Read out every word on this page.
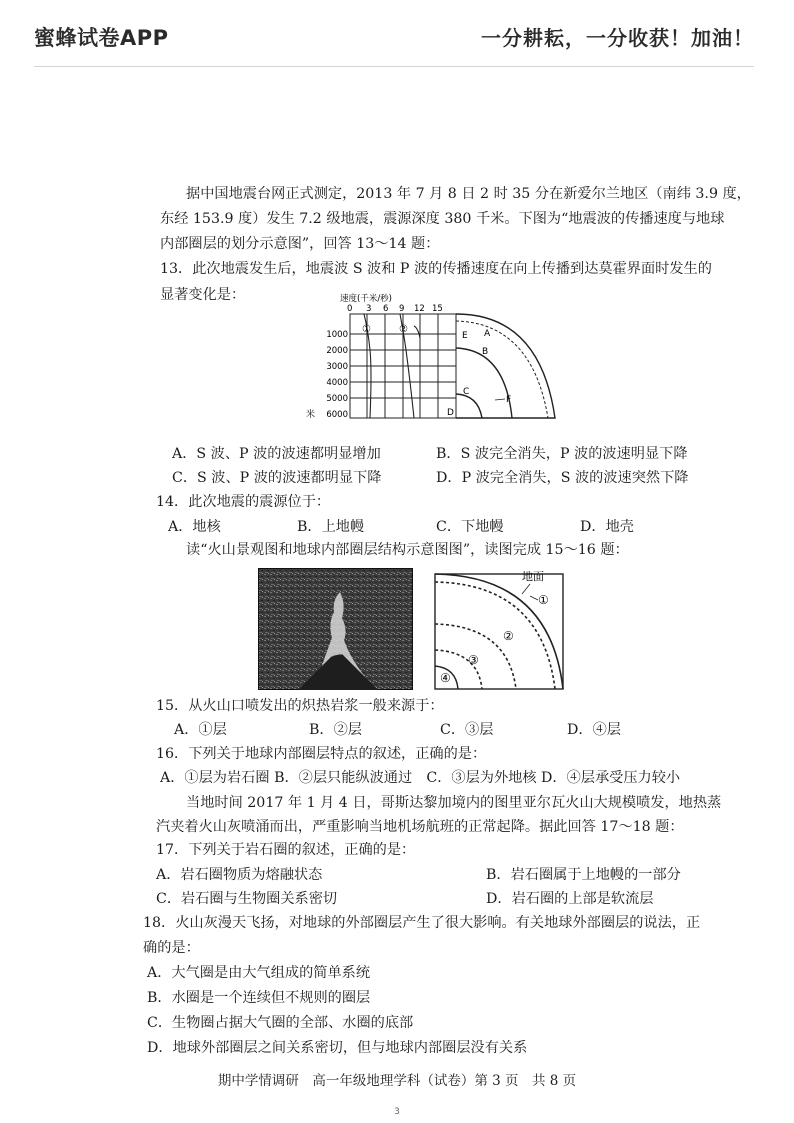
蜜蜂试卷APP	一分耕耘，一分收获！加油！
据中国地震台网正式测定，2013 年 7 月 8 日 2 时 35 分在新爱尔兰地区（南纬 3.9 度，
东经 153.9 度）发生 7.2 级地震，震源深度 380 千米。下图为“地震波的传播速度与地球
内部圈层的划分示意图”，回答 13～14 题：
13．此次地震发生后，地震波 S 波和 P 波的传播速度在向上传播到达莫霍界面时发生的
显著变化是：	速度(千米/秒)
0 3 6 9 12 15
1000
2000
3000
4000
5000
6000
米
①	②
E A
B
C
D
F
A．S 波、P 波的波速都明显增加	B．S 波完全消失，P 波的波速明显下降
C．S 波、P 波的波速都明显下降	D．P 波完全消失，S 波的波速突然下降
14．此次地震的震源位于：
A．地核	B．上地幔	C．下地幔	D．地壳
读“火山景观图和地球内部圈层结构示意图图”，读图完成 15～16 题：
地面
①
②
③
④
15．从火山口喷发出的炽热岩浆一般来源于：
A．①层	B．②层	C．③层	D．④层
16．下列关于地球内部圈层特点的叙述，正确的是：
A．①层为岩石圈 B．②层只能纵波通过　C．③层为外地核 D．④层承受压力较小
当地时间 2017 年 1 月 4 日，哥斯达黎加境内的图里亚尔瓦火山大规模喷发，地热蒸
汽夹着火山灰喷涌而出，严重影响当地机场航班的正常起降。据此回答 17～18 题：
17．下列关于岩石圈的叙述，正确的是：
A．岩石圈物质为熔融状态	B．岩石圈属于上地幔的一部分
C．岩石圈与生物圈关系密切	D．岩石圈的上部是软流层
18．火山灰漫天飞扬，对地球的外部圈层产生了很大影响。有关地球外部圈层的说法，正
确的是：
A．大气圈是由大气组成的简单系统
B．水圈是一个连续但不规则的圈层
C．生物圈占据大气圈的全部、水圈的底部
D．地球外部圈层之间关系密切，但与地球内部圈层没有关系
期中学情调研　高一年级地理学科（试卷）第 3 页　共 8 页
3
